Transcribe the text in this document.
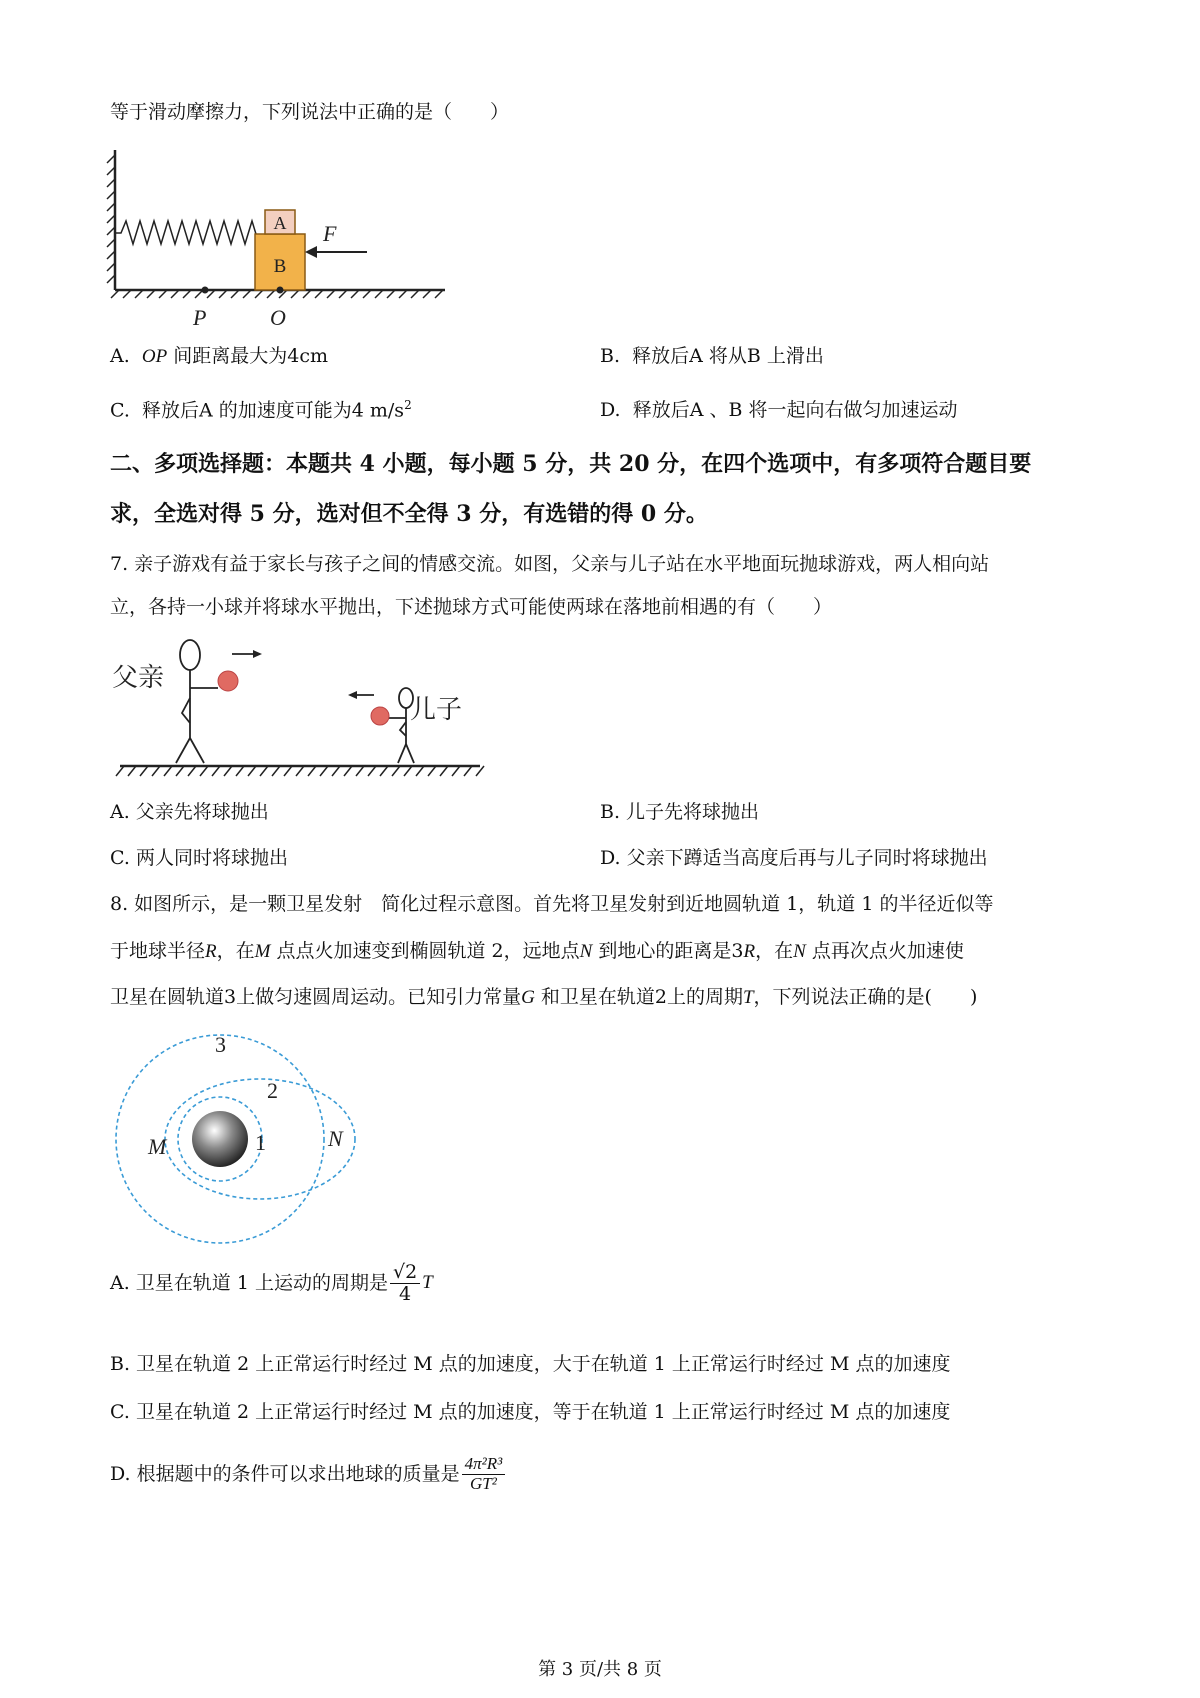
等于滑动摩擦力，下列说法中正确的是（　　）
A
B
F
P	O
A. OP 间距离最大为4cm	B. 释放后A 将从B 上滑出
C. 释放后A 的加速度可能为4 $m/s^2$	D. 释放后A 、B 将一起向右做匀加速运动
二、多项选择题：本题共 4 小题，每小题 5 分，共 20 分，在四个选项中，有多项符合题目要
求，全选对得 5 分，选对但不全得 3 分，有选错的得 0 分。
7. 亲子游戏有益于家长与孩子之间的情感交流。如图，父亲与儿子站在水平地面玩抛球游戏，两人相向站
立，各持一小球并将球水平抛出，下述抛球方式可能使两球在落地前相遇的有（　　）
父亲
儿子
A. 父亲先将球抛出	B. 儿子先将球抛出
C. 两人同时将球抛出	D. 父亲下蹲适当高度后再与儿子同时将球抛出
8. 如图所示，是一颗卫星发射　简化过程示意图。首先将卫星发射到近地圆轨道 1，轨道 1 的半径近似等
于地球半径R，在M 点点火加速变到椭圆轨道 2，远地点N 到地心的距离是3R，在N 点再次点火加速使
卫星在圆轨道3上做匀速圆周运动。已知引力常量G 和卫星在轨道2上的周期T，下列说法正确的是(　　)
3
2
1
M	N
A. 卫星在轨道 1 上运动的周期是 $\frac{√2}{4}$ T
B. 卫星在轨道 2 上正常运行时经过 M 点的加速度，大于在轨道 1 上正常运行时经过 M 点的加速度
C. 卫星在轨道 2 上正常运行时经过 M 点的加速度，等于在轨道 1 上正常运行时经过 M 点的加速度
D. 根据题中的条件可以求出地球的质量是 $\frac{\text{4π²R³}}{\text{GT²}}$
第 3 页/共 8 页
